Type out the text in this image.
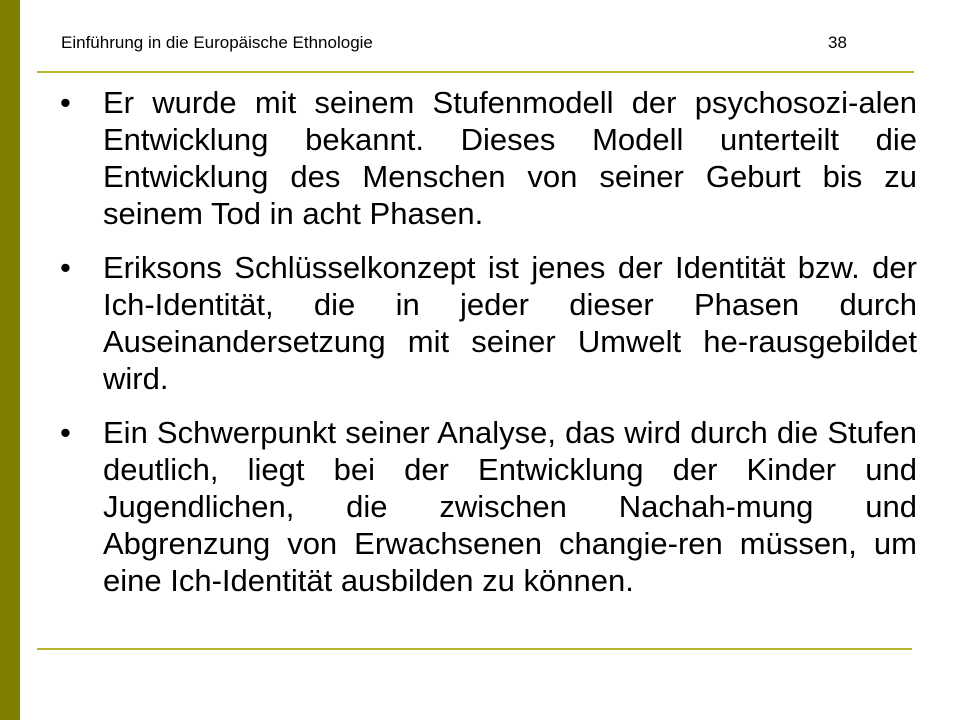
Einführung in die Europäische Ethnologie	38
• Er wurde mit seinem Stufenmodell der psychosozi-alen Entwicklung bekannt. Dieses Modell unterteilt die Entwicklung des Menschen von seiner Geburt bis zu seinem Tod in acht Phasen.
• Eriksons Schlüsselkonzept ist jenes der Identität bzw. der Ich-Identität, die in jeder dieser Phasen durch Auseinandersetzung mit seiner Umwelt he-rausgebildet wird.
• Ein Schwerpunkt seiner Analyse, das wird durch die Stufen deutlich, liegt bei der Entwicklung der Kinder und Jugendlichen, die zwischen Nachah-mung und Abgrenzung von Erwachsenen changie-ren müssen, um eine Ich-Identität ausbilden zu können.
